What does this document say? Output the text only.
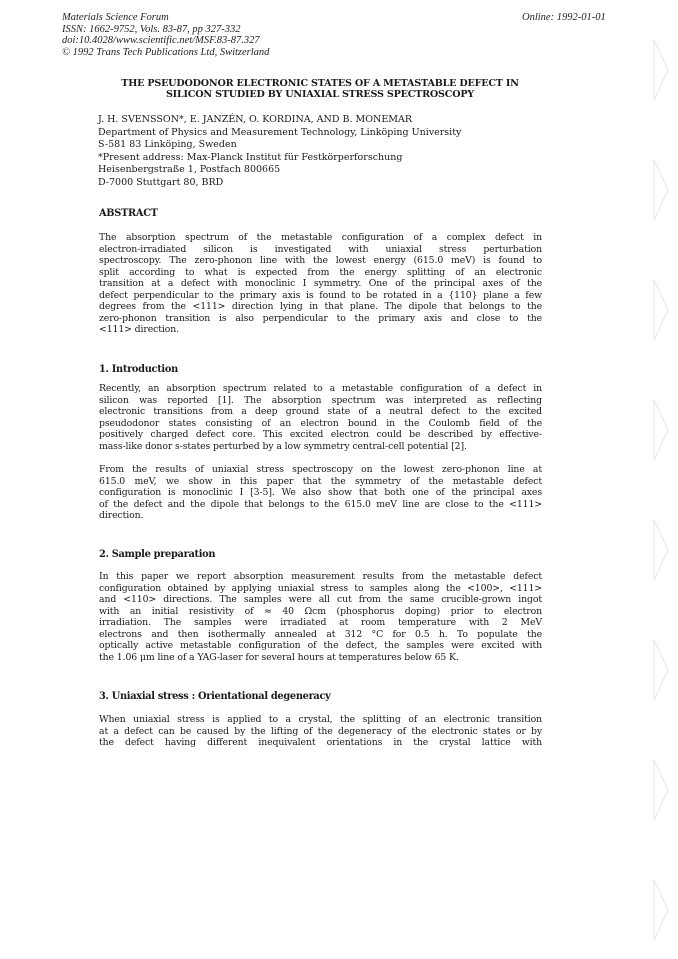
Materials Science Forum
ISSN: 1662-9752, Vols. 83-87, pp 327-332
doi:10.4028/www.scientific.net/MSF.83-87.327
© 1992 Trans Tech Publications Ltd, Switzerland
Online: 1992-01-01
THE PSEUDODONOR ELECTRONIC STATES OF A METASTABLE DEFECT IN
SILICON STUDIED BY UNIAXIAL STRESS SPECTROSCOPY
J. H. SVENSSON*, E. JANZÉN, O. KORDINA, AND B. MONEMAR
Department of Physics and Measurement Technology, Linköping University
S-581 83 Linköping, Sweden
*Present address: Max-Planck Institut für Festkörperforschung
Heisenbergstraße 1, Postfach 800665
D-7000 Stuttgart 80, BRD
ABSTRACT
The absorption spectrum of the metastable configuration of a complex defect in
electron-irradiated silicon is investigated with uniaxial stress perturbation
spectroscopy. The zero-phonon line with the lowest energy (615.0 meV) is found to
split according to what is expected from the energy splitting of an electronic
transition at a defect with monoclinic I symmetry. One of the principal axes of the
defect perpendicular to the primary axis is found to be rotated in a {110} plane a few
degrees from the <111> direction lying in that plane. The dipole that belongs to the
zero-phonon transition is also perpendicular to the primary axis and close to the
<111> direction.
1. Introduction
Recently, an absorption spectrum related to a metastable configuration of a defect in
silicon was reported [1]. The absorption spectrum was interpreted as reflecting
electronic transitions from a deep ground state of a neutral defect to the excited
pseudodonor states consisting of an electron bound in the Coulomb field of the
positively charged defect core. This excited electron could be described by effective-
mass-like donor s-states perturbed by a low symmetry central-cell potential [2].
From the results of uniaxial stress spectroscopy on the lowest zero-phonon line at
615.0 meV, we show in this paper that the symmetry of the metastable defect
configuration is monoclinic I [3-5]. We also show that both one of the principal axes
of the defect and the dipole that belongs to the 615.0 meV line are close to the <111>
direction.
2. Sample preparation
In this paper we report absorption measurement results from the metastable defect
configuration obtained by applying uniaxial stress to samples along the <100>, <111>
and <110> directions. The samples were all cut from the same crucible-grown ingot
with an initial resistivity of ≈ 40 Ωcm (phosphorus doping) prior to electron
irradiation. The samples were irradiated at room temperature with 2 MeV
electrons and then isothermally annealed at 312 °C for 0.5 h. To populate the
optically active metastable configuration of the defect, the samples were excited with
the 1.06 μm line of a YAG-laser for several hours at temperatures below 65 K.
3. Uniaxial stress : Orientational degeneracy
When uniaxial stress is applied to a crystal, the splitting of an electronic transition
at a defect can be caused by the lifting of the degeneracy of the electronic states or by
the defect having different inequivalent orientations in the crystal lattice with
